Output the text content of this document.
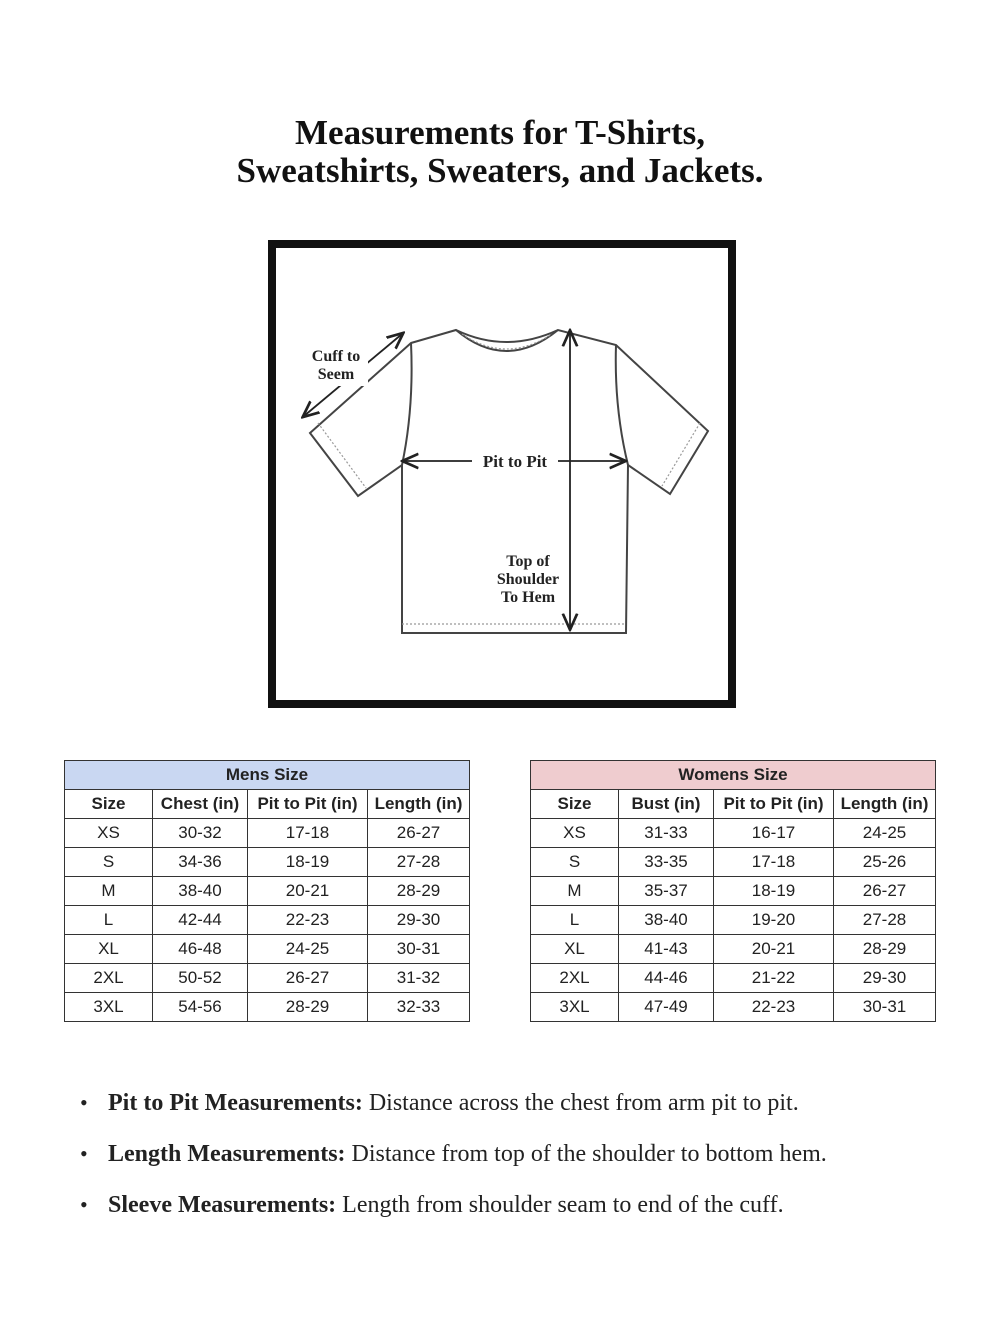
Measurements for T-Shirts,
Sweatshirts, Sweaters, and Jackets.
Cuff to
Seem
Pit to Pit
Top of
Shoulder
To Hem
Mens Size			
Size	Chest (in)	Pit to Pit (in)	Length (in)
XS	30-32	17-18	26-27
S	34-36	18-19	27-28
M	38-40	20-21	28-29
L	42-44	22-23	29-30
XL	46-48	24-25	30-31
2XL	50-52	26-27	31-32
3XL	54-56	28-29	32-33
Womens Size			
Size	Bust (in)	Pit to Pit (in)	Length (in)
XS	31-33	16-17	24-25
S	33-35	17-18	25-26
M	35-37	18-19	26-27
L	38-40	19-20	27-28
XL	41-43	20-21	28-29
2XL	44-46	21-22	29-30
3XL	47-49	22-23	30-31
• Pit to Pit Measurements: Distance across the chest from arm pit to pit.
• Length Measurements: Distance from top of the shoulder to bottom hem.
• Sleeve Measurements: Length from shoulder seam to end of the cuff.
